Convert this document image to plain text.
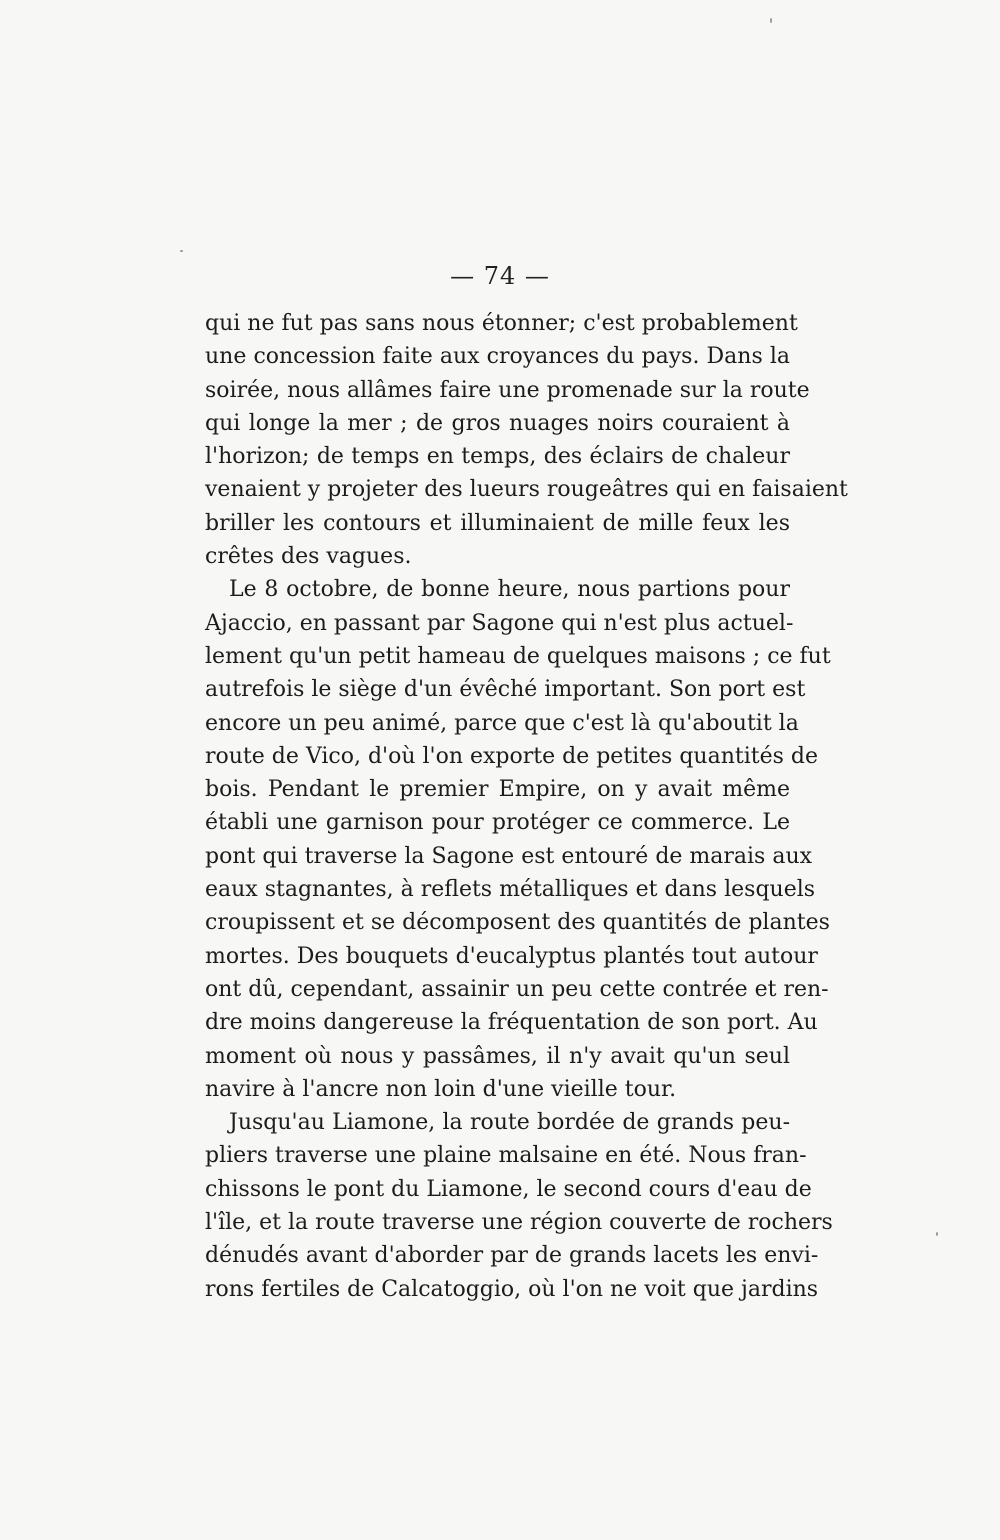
— 74 —
qui ne fut pas sans nous étonner; c'est probablement
une concession faite aux croyances du pays. Dans la
soirée, nous allâmes faire une promenade sur la route
qui longe la mer ; de gros nuages noirs couraient à
l'horizon; de temps en temps, des éclairs de chaleur
venaient y projeter des lueurs rougeâtres qui en faisaient
briller les contours et illuminaient de mille feux les
crêtes des vagues.
Le 8 octobre, de bonne heure, nous partions pour
Ajaccio, en passant par Sagone qui n'est plus actuel-
lement qu'un petit hameau de quelques maisons ; ce fut
autrefois le siège d'un évêché important. Son port est
encore un peu animé, parce que c'est là qu'aboutit la
route de Vico, d'où l'on exporte de petites quantités de
bois. Pendant le premier Empire, on y avait même
établi une garnison pour protéger ce commerce. Le
pont qui traverse la Sagone est entouré de marais aux
eaux stagnantes, à reflets métalliques et dans lesquels
croupissent et se décomposent des quantités de plantes
mortes. Des bouquets d'eucalyptus plantés tout autour
ont dû, cependant, assainir un peu cette contrée et ren-
dre moins dangereuse la fréquentation de son port. Au
moment où nous y passâmes, il n'y avait qu'un seul
navire à l'ancre non loin d'une vieille tour.
Jusqu'au Liamone, la route bordée de grands peu-
pliers traverse une plaine malsaine en été. Nous fran-
chissons le pont du Liamone, le second cours d'eau de
l'île, et la route traverse une région couverte de rochers
dénudés avant d'aborder par de grands lacets les envi-
rons fertiles de Calcatoggio, où l'on ne voit que jardins
